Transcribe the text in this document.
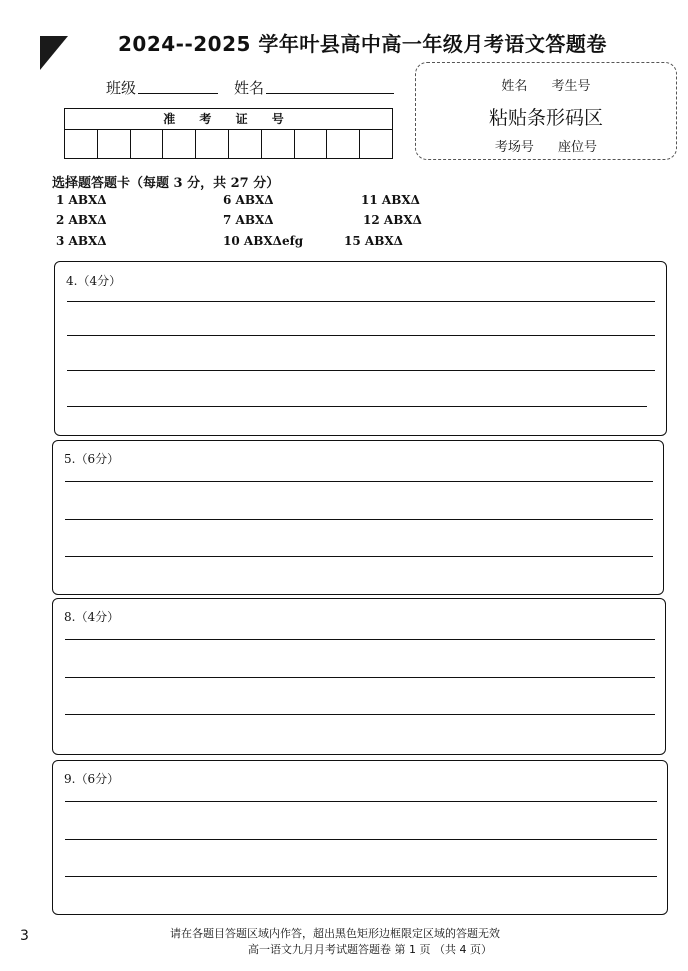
2024--2025 学年叶县高中高一年级月考语文答题卷
班级	姓名
准 考 证 号
姓名 考生号
粘贴条形码区
考场号 座位号
选择题答题卡（每题 3 分，共 27 分）
1 ABXΔ	6 ABXΔ	11 ABXΔ
2 ABXΔ	7 ABXΔ	12 ABXΔ
3 ABXΔ	10 ABXΔefg	15 ABXΔ
4.（4分）
5.（6分）
8.（4分）
9.（6分）
3	请在各题目答题区域内作答，超出黑色矩形边框限定区域的答题无效
高一语文九月月考试题答题卷 第 1 页 （共 4 页）
